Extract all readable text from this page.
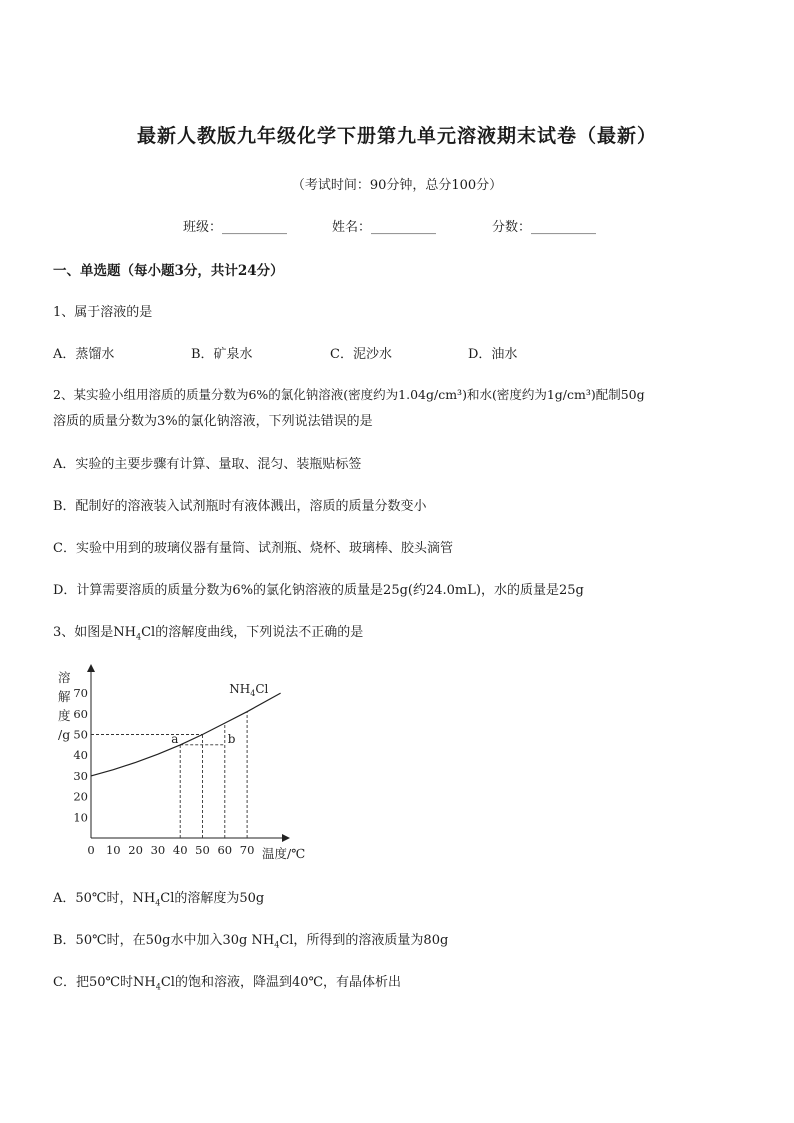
最新人教版九年级化学下册第九单元溶液期末试卷（最新）
（考试时间：90分钟，总分100分）
班级：__________	姓名：__________	分数：__________
一、单选题（每小题3分，共计24分）
1、属于溶液的是
A．蒸馏水	B．矿泉水	C．泥沙水	D．油水
2、某实验小组用溶质的质量分数为6%的氯化钠溶液(密度约为1.04g/cm³)和水(密度约为1g/cm³)配制50g
溶质的质量分数为3%的氯化钠溶液，下列说法错误的是
A．实验的主要步骤有计算、量取、混匀、装瓶贴标签
B．配制好的溶液装入试剂瓶时有液体溅出，溶质的质量分数变小
C．实验中用到的玻璃仪器有量筒、试剂瓶、烧杯、玻璃棒、胶头滴管
D．计算需要溶质的质量分数为6%的氯化钠溶液的质量是25g(约24.0mL)，水的质量是25g
3、如图是$NH_4Cl$的溶解度曲线，下列说法不正确的是
溶
解
度
/g
0 10 20 30 40 50 60 70
10
20
30
40
50
60
70	$NH_4Cl$
a	b
温度/℃
A．50℃时，$NH_4Cl$的溶解度为50g
B．50℃时，在50g水中加入30g $NH_4Cl$，所得到的溶液质量为80g
C．把50℃时$NH_4Cl$的饱和溶液，降温到40℃，有晶体析出
